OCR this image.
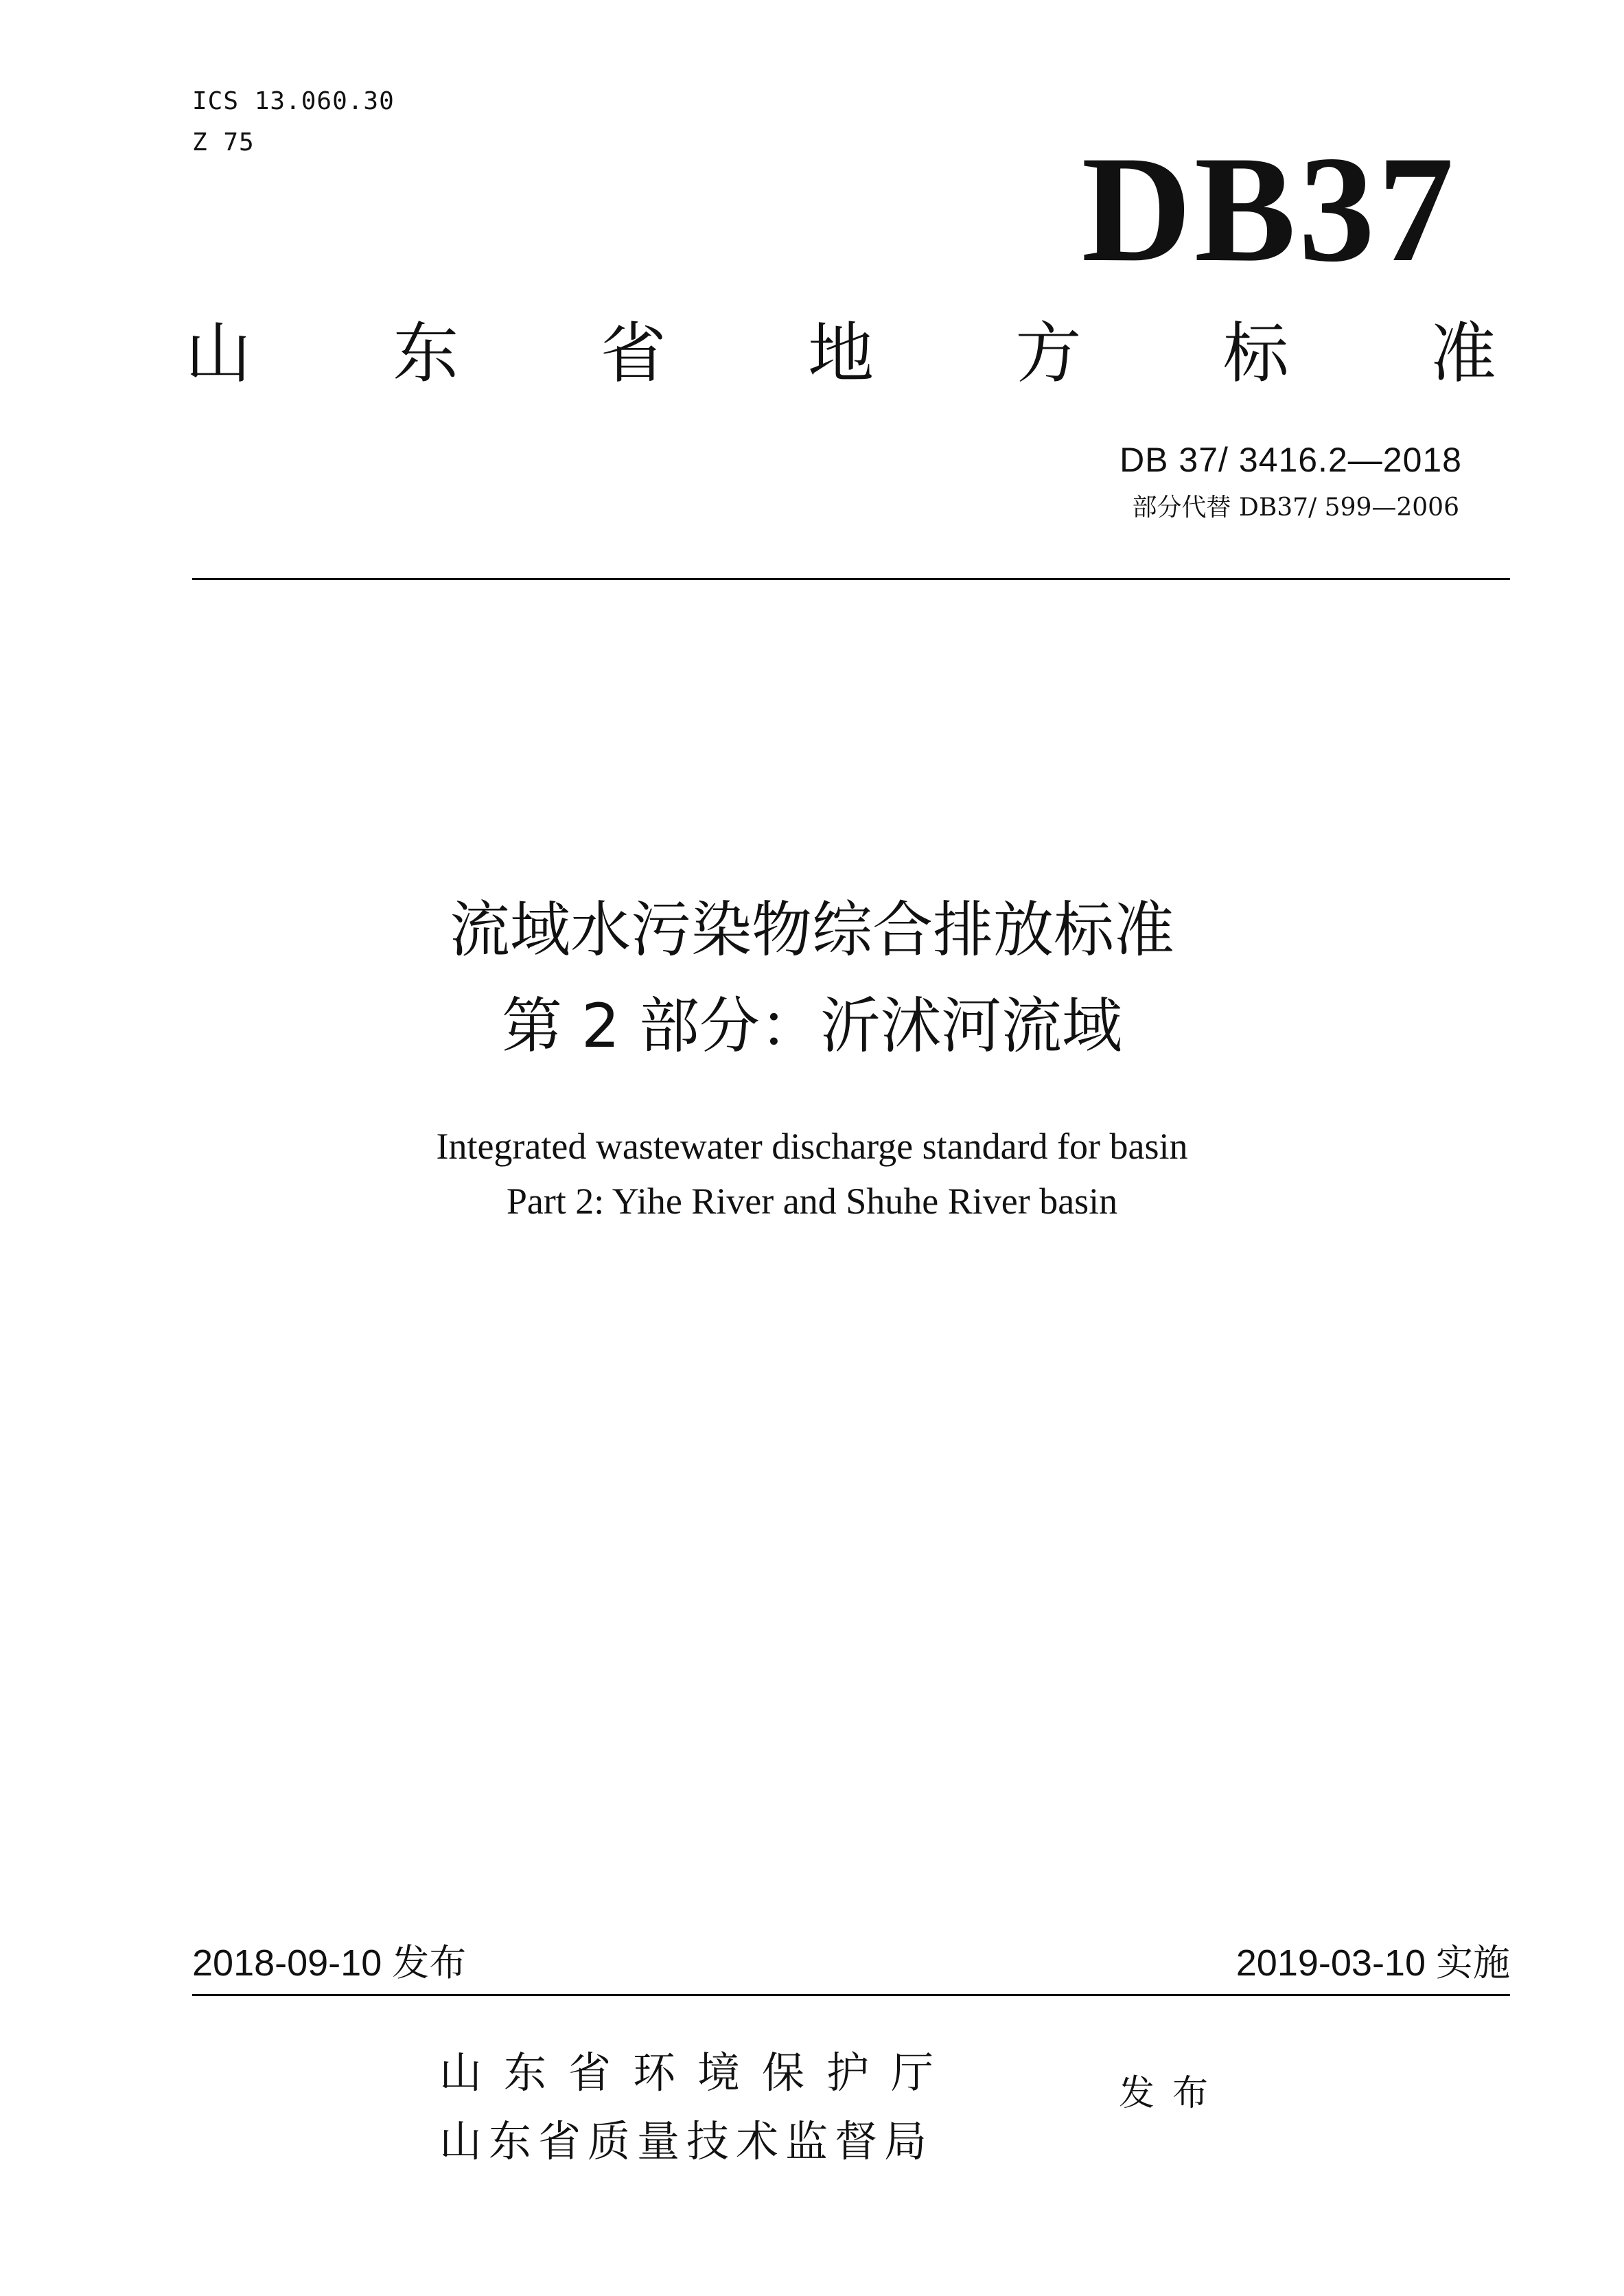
ICS 13.060.30
Z 75	DB37
山 东 省 地 方 标 准
DB 37/ 3416.2—2018
部分代替 DB37/ 599—2006
流域水污染物综合排放标准
第 2 部分：沂沭河流域
Integrated wastewater discharge standard for basin
Part 2: Yihe River and Shuhe River basin
2018-09-10 发布	2019-03-10 实施
山东省环境保护厅
山东省质量技术监督局
发布
